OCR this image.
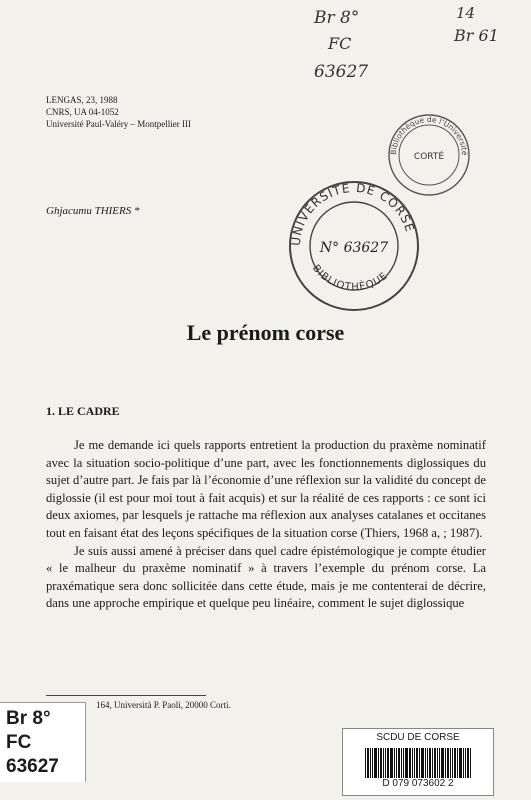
Br 8°
FC
14
Br 61
63627
LENGAS, 23, 1988
CNRS, UA 04-1052
Université Paul-Valéry – Montpellier III
Ghjacumu THIERS *
Bibliothèque de l’Université
CORTÉ
UNIVERSITÉ DE CORSE
BIBLIOTHÈQUE
N° 63627
Le prénom corse
1. LE CADRE

Je me demande ici quels rapports entretient la production du praxème nominatif avec la situation socio-politique d’une part, avec les fonctionnements diglossiques du sujet d’autre part. Je fais par là l’économie d’une réflexion sur la validité du concept de diglossie (il est pour moi tout à fait acquis) et sur la réalité de ces rapports : ce sont ici deux axiomes, par lesquels je rattache ma réflexion aux analyses catalanes et occitanes tout en faisant état des leçons spécifiques de la situation corse (Thiers, 1968 a, ; 1987).

Je suis aussi amené à préciser dans quel cadre épistémologique je compte étudier « le malheur du praxème nominatif » à travers l’exemple du prénom corse. La praxématique sera donc sollicitée dans cette étude, mais je me contenterai de décrire, dans une approche empirique et quelque peu linéaire, comment le sujet diglossique

164, Università P. Paoli, 20000 Corti.
Br 8°
FC
63627
SCDU DE CORSE
D 079 073602 2
